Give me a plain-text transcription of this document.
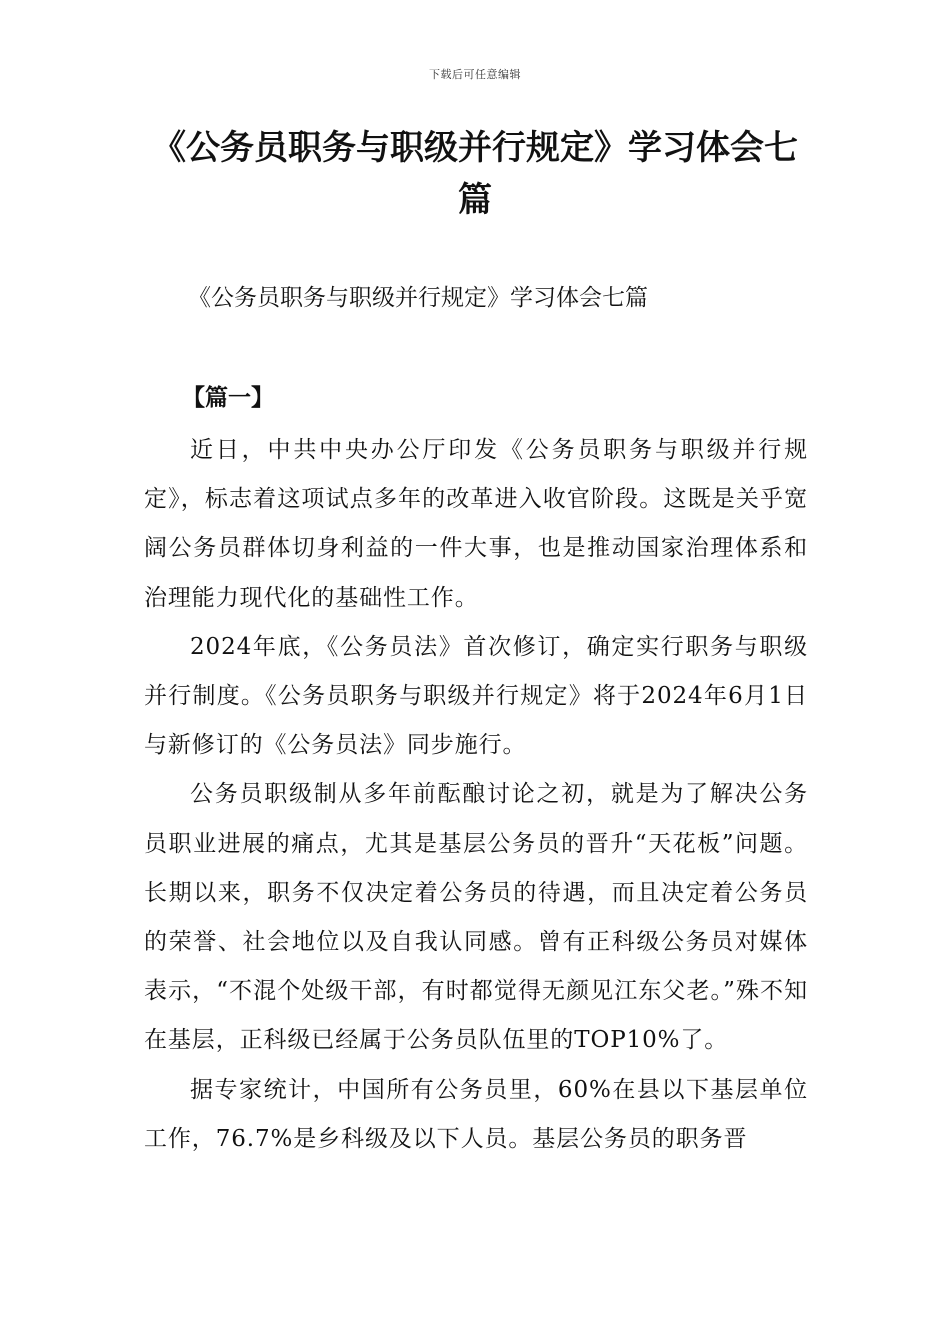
下载后可任意编辑
《公务员职务与职级并行规定》学习体会七篇
《公务员职务与职级并行规定》学习体会七篇
【篇一】

近日，中共中央办公厅印发《公务员职务与职级并行规定》，标志着这项试点多年的改革进入收官阶段。这既是关乎宽阔公务员群体切身利益的一件大事，也是推动国家治理体系和治理能力现代化的基础性工作。

2024年底，《公务员法》首次修订，确定实行职务与职级并行制度。《公务员职务与职级并行规定》将于2024年6月1日与新修订的《公务员法》同步施行。

公务员职级制从多年前酝酿讨论之初，就是为了解决公务员职业进展的痛点，尤其是基层公务员的晋升“天花板”问题。长期以来，职务不仅决定着公务员的待遇，而且决定着公务员的荣誉、社会地位以及自我认同感。曾有正科级公务员对媒体表示，“不混个处级干部，有时都觉得无颜见江东父老。”殊不知在基层，正科级已经属于公务员队伍里的TOP10%了。

据专家统计，中国所有公务员里，60%在县以下基层单位工作，76.7%是乡科级及以下人员。基层公务员的职务晋
